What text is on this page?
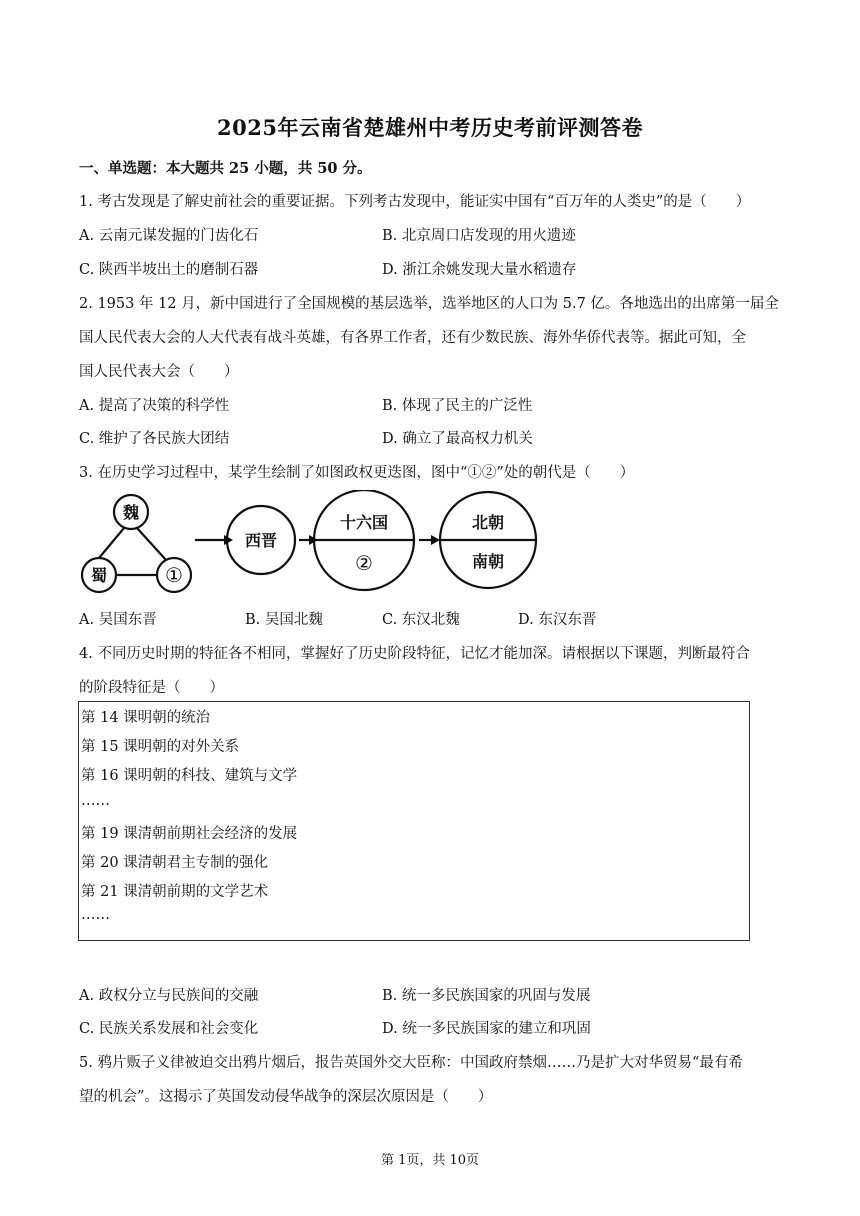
2025年云南省楚雄州中考历史考前评测答卷
一、单选题：本大题共 25 小题，共 50 分。
1. 考古发现是了解史前社会的重要证据。下列考古发现中，能证实中国有“百万年的人类史”的是（　　）
A. 云南元谋发掘的门齿化石	B. 北京周口店发现的用火遗迹
C. 陕西半坡出土的磨制石器	D. 浙江余姚发现大量水稻遗存
2. 1953 年 12 月，新中国进行了全国规模的基层选举，选举地区的人口为 5.7 亿。各地选出的出席第一届全
国人民代表大会的人大代表有战斗英雄，有各界工作者，还有少数民族、海外华侨代表等。据此可知，全
国人民代表大会（　　）
A. 提高了决策的科学性	B. 体现了民主的广泛性
C. 维护了各民族大团结	D. 确立了最高权力机关
3. 在历史学习过程中，某学生绘制了如图政权更迭图，图中“①②”处的朝代是（　　）
魏
蜀	①
西晋
十六国
②
北朝
南朝
A. 吴国东晋	B. 吴国北魏	C. 东汉北魏	D. 东汉东晋
4. 不同历史时期的特征各不相同，掌握好了历史阶段特征，记忆才能加深。请根据以下课题，判断最符合
的阶段特征是（　　）
第 14 课明朝的统治
第 15 课明朝的对外关系
第 16 课明朝的科技、建筑与文学
……
第 19 课清朝前期社会经济的发展
第 20 课清朝君主专制的强化
第 21 课清朝前期的文学艺术
……
A. 政权分立与民族间的交融	B. 统一多民族国家的巩固与发展
C. 民族关系发展和社会变化	D. 统一多民族国家的建立和巩固
5. 鸦片贩子义律被迫交出鸦片烟后，报告英国外交大臣称：中国政府禁烟……乃是扩大对华贸易“最有希
望的机会”。这揭示了英国发动侵华战争的深层次原因是（　　）
第 1页，共 10页
